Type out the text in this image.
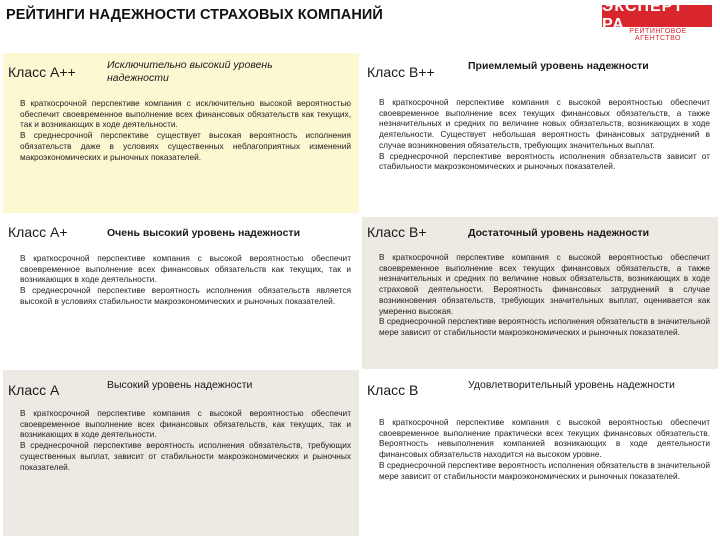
РЕЙТИНГИ НАДЕЖНОСТИ СТРАХОВЫХ КОМПАНИЙ	ЭКСПЕРТ РА РЕЙТИНГОВОЕ АГЕНТСТВО
Класс А++	Исключительно высокий уровень надежности
В краткосрочной перспективе компания с исключительно высокой вероятностью обеспечит своевременное выполнение всех финансовых обязательств как текущих, так и возникающих в ходе деятельности.
В среднесрочной перспективе существует высокая вероятность исполнения обязательств даже в условиях существенных неблагоприятных изменений макроэкономических и рыночных показателей.
Класс В++	Приемлемый уровень надежности
В краткосрочной перспективе компания с высокой вероятностью обеспечит своевременное выполнение всех текущих финансовых обязательств, а также незначительных и средних по величине новых обязательств, возникающих в ходе деятельности. Существует небольшая вероятность финансовых затруднений в случае возникновения обязательств, требующих значительных выплат.
В среднесрочной перспективе вероятность исполнения обязательств зависит от стабильности макроэкономических и рыночных показателей.
Класс А+	Очень высокий уровень надежности
В краткосрочной перспективе компания с высокой вероятностью обеспечит своевременное выполнение всех финансовых обязательств как текущих, так и возникающих в ходе деятельности.
В среднесрочной перспективе вероятность исполнения обязательств является высокой в условиях стабильности макроэкономических и рыночных показателей.
Класс В+	Достаточный уровень надежности
В краткосрочной перспективе компания с высокой вероятностью обеспечит своевременное выполнение всех текущих финансовых обязательств, а также незначительных и средних по величине новых обязательств, возникающих в ходе страховой деятельности. Вероятность финансовых затруднений в случае возникновения обязательств, требующих значительных выплат, оценивается как умеренно высокая.
В среднесрочной перспективе вероятность исполнения обязательств в значительной мере зависит от стабильности макроэкономических и рыночных показателей.
Класс А	Высокий уровень надежности
В краткосрочной перспективе компания с высокой вероятностью обеспечит своевременное выполнение всех финансовых обязательств, как текущих, так и возникающих в ходе деятельности.
В среднесрочной перспективе вероятность исполнения обязательств, требующих существенных выплат, зависит от стабильности макроэкономических и рыночных показателей.
Класс В	Удовлетворительный уровень надежности
В краткосрочной перспективе компания с высокой вероятностью обеспечит своевременное выполнение практически всех текущих финансовых обязательств. Вероятность невыполнения компанией возникающих в ходе деятельности финансовых обязательств находится на высоком уровне.
В среднесрочной перспективе вероятность исполнения обязательств в значительной мере зависит от стабильности макроэкономических и рыночных показателей.
